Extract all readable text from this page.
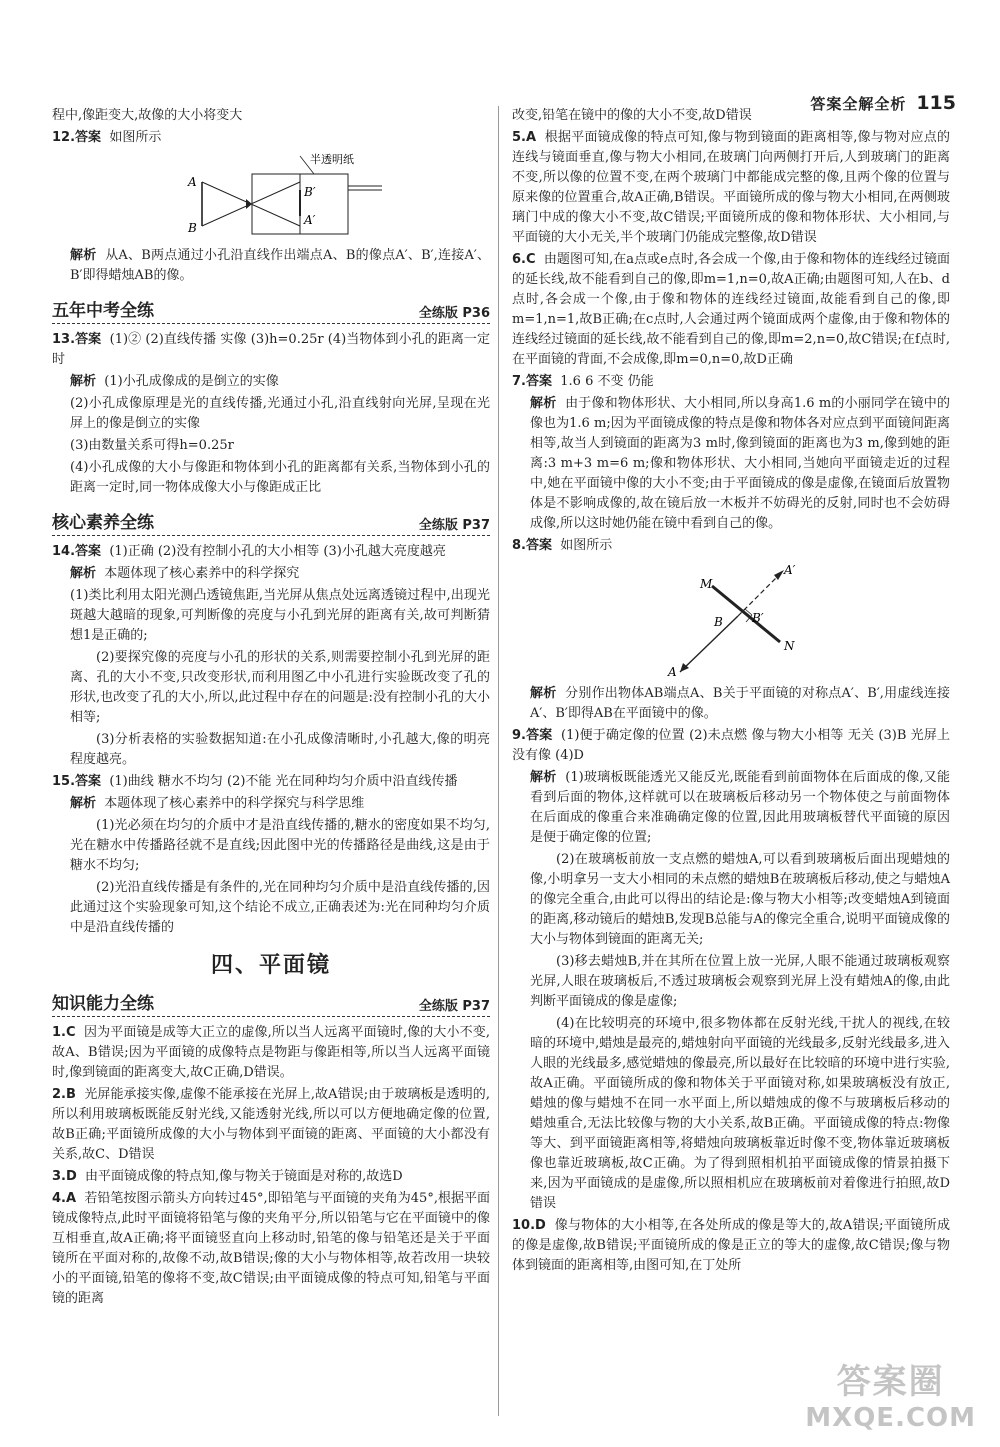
答案全解全析 115

程中,像距变大,故像的大小将变大

12.答案 如图所示

半透明纸
A
B
B′
A′

解析 从A、B两点通过小孔沿直线作出端点A、B的像点A′、B′,连接A′、B′即得蜡烛AB的像。

五年中考全练	全练版 P36

13.答案 (1)② (2)直线传播 实像 (3)h=0.25r (4)当物体到小孔的距离一定时

解析 (1)小孔成像成的是倒立的实像

(2)小孔成像原理是光的直线传播,光通过小孔,沿直线射向光屏,呈现在光屏上的像是倒立的实像

(3)由数量关系可得h=0.25r

(4)小孔成像的大小与像距和物体到小孔的距离都有关系,当物体到小孔的距离一定时,同一物体成像大小与像距成正比

核心素养全练	全练版 P37

14.答案 (1)正确 (2)没有控制小孔的大小相等 (3)小孔越大亮度越亮

解析 本题体现了核心素养中的科学探究

(1)类比利用太阳光测凸透镜焦距,当光屏从焦点处远离透镜过程中,出现光斑越大越暗的现象,可判断像的亮度与小孔到光屏的距离有关,故可判断猜想1是正确的;

(2)要探究像的亮度与小孔的形状的关系,则需要控制小孔到光屏的距离、孔的大小不变,只改变形状,而利用图乙中小孔进行实验既改变了孔的形状,也改变了孔的大小,所以,此过程中存在的问题是:没有控制小孔的大小相等;

(3)分析表格的实验数据知道:在小孔成像清晰时,小孔越大,像的明亮程度越亮。

15.答案 (1)曲线 糖水不均匀 (2)不能 光在同种均匀介质中沿直线传播

解析 本题体现了核心素养中的科学探究与科学思维

(1)光必须在均匀的介质中才是沿直线传播的,糖水的密度如果不均匀,光在糖水中传播路径就不是直线;因此图中光的传播路径是曲线,这是由于糖水不均匀;

(2)光沿直线传播是有条件的,光在同种均匀介质中是沿直线传播的,因此通过这个实验现象可知,这个结论不成立,正确表述为:光在同种均匀介质中是沿直线传播的

四、平面镜
知识能力全练	全练版 P37

1.C 因为平面镜是成等大正立的虚像,所以当人远离平面镜时,像的大小不变,故A、B错误;因为平面镜的成像特点是物距与像距相等,所以当人远离平面镜时,像到镜面的距离变大,故C正确,D错误。

2.B 光屏能承接实像,虚像不能承接在光屏上,故A错误;由于玻璃板是透明的,所以利用玻璃板既能反射光线,又能透射光线,所以可以方便地确定像的位置,故B正确;平面镜所成像的大小与物体到平面镜的距离、平面镜的大小都没有关系,故C、D错误

3.D 由平面镜成像的特点知,像与物关于镜面是对称的,故选D

4.A 若铅笔按图示箭头方向转过45°,即铅笔与平面镜的夹角为45°,根据平面镜成像特点,此时平面镜将铅笔与像的夹角平分,所以铅笔与它在平面镜中的像互相垂直,故A正确;将平面镜竖直向上移动时,铅笔的像与铅笔还是关于平面镜所在平面对称的,故像不动,故B错误;像的大小与物体相等,故若改用一块较小的平面镜,铅笔的像将不变,故C错误;由平面镜成像的特点可知,铅笔与平面镜的距离

改变,铅笔在镜中的像的大小不变,故D错误

5.A 根据平面镜成像的特点可知,像与物到镜面的距离相等,像与物对应点的连线与镜面垂直,像与物大小相同,在玻璃门向两侧打开后,人到玻璃门的距离不变,所以像的位置不变,在两个玻璃门中都能成完整的像,且两个像的位置与原来像的位置重合,故A正确,B错误。平面镜所成的像与物大小相同,在两侧玻璃门中成的像大小不变,故C错误;平面镜所成的像和物体形状、大小相同,与平面镜的大小无关,半个玻璃门仍能成完整像,故D错误

6.C 由题图可知,在a点或e点时,各会成一个像,由于像和物体的连线经过镜面的延长线,故不能看到自己的像,即m=1,n=0,故A正确;由题图可知,人在b、d点时,各会成一个像,由于像和物体的连线经过镜面,故能看到自己的像,即m=1,n=1,故B正确;在c点时,人会通过两个镜面成两个虚像,由于像和物体的连线经过镜面的延长线,故不能看到自己的像,即m=2,n=0,故C错误;在f点时,在平面镜的背面,不会成像,即m=0,n=0,故D正确

7.答案 1.6 6 不变 仍能

解析 由于像和物体形状、大小相同,所以身高1.6 m的小丽同学在镜中的像也为1.6 m;因为平面镜成像的特点是像和物体各对应点到平面镜间距离相等,故当人到镜面的距离为3 m时,像到镜面的距离也为3 m,像到她的距离:3 m+3 m=6 m;像和物体形状、大小相同,当她向平面镜走近的过程中,她在平面镜中像的大小不变;由于平面镜成的像是虚像,在镜面后放置物体是不影响成像的,故在镜后放一木板并不妨碍光的反射,同时也不会妨碍成像,所以这时她仍能在镜中看到自己的像。

8.答案 如图所示

A′
M
B B′
N
A

解析 分别作出物体AB端点A、B关于平面镜的对称点A′、B′,用虚线连接A′、B′即得AB在平面镜中的像。

9.答案 (1)便于确定像的位置 (2)未点燃 像与物大小相等 无关 (3)B 光屏上没有像 (4)D

解析 (1)玻璃板既能透光又能反光,既能看到前面物体在后面成的像,又能看到后面的物体,这样就可以在玻璃板后移动另一个物体使之与前面物体在后面成的像重合来准确确定像的位置,因此用玻璃板替代平面镜的原因是便于确定像的位置;

(2)在玻璃板前放一支点燃的蜡烛A,可以看到玻璃板后面出现蜡烛的像,小明拿另一支大小相同的未点燃的蜡烛B在玻璃板后移动,使之与蜡烛A的像完全重合,由此可以得出的结论是:像与物大小相等;改变蜡烛A到镜面的距离,移动镜后的蜡烛B,发现B总能与A的像完全重合,说明平面镜成像的大小与物体到镜面的距离无关;

(3)移去蜡烛B,并在其所在位置上放一光屏,人眼不能通过玻璃板观察光屏,人眼在玻璃板后,不透过玻璃板会观察到光屏上没有蜡烛A的像,由此判断平面镜成的像是虚像;

(4)在比较明亮的环境中,很多物体都在反射光线,干扰人的视线,在较暗的环境中,蜡烛是最亮的,蜡烛射向平面镜的光线最多,反射光线最多,进入人眼的光线最多,感觉蜡烛的像最亮,所以最好在比较暗的环境中进行实验,故A正确。平面镜所成的像和物体关于平面镜对称,如果玻璃板没有放正,蜡烛的像与蜡烛不在同一水平面上,所以蜡烛成的像不与玻璃板后移动的蜡烛重合,无法比较像与物的大小关系,故B正确。平面镜成像的特点:物像等大、到平面镜距离相等,将蜡烛向玻璃板靠近时像不变,物体靠近玻璃板像也靠近玻璃板,故C正确。为了得到照相机拍平面镜成像的情景拍摄下来,因为平面镜成的是虚像,所以照相机应在玻璃板前对着像进行拍照,故D错误

10.D 像与物体的大小相等,在各处所成的像是等大的,故A错误;平面镜所成的像是虚像,故B错误;平面镜所成的像是正立的等大的虚像,故C错误;像与物体到镜面的距离相等,由图可知,在丁处所

答案圈
MXQE.COM
